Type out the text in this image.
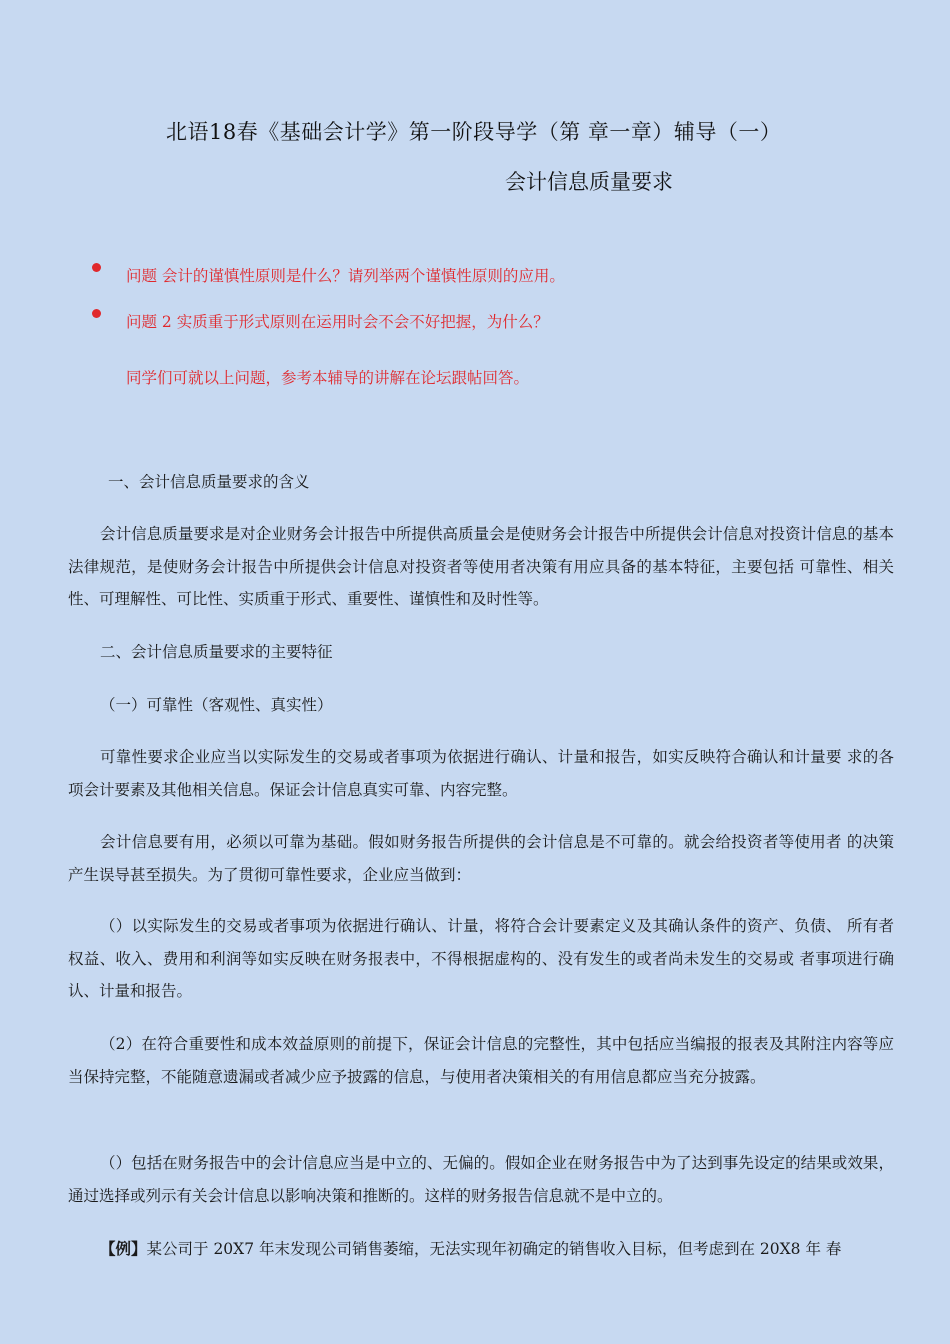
北语18春《基础会计学》第一阶段导学（第 章一章）辅导（一）
会计信息质量要求
问题 会计的谨慎性原则是什么？请列举两个谨慎性原则的应用。
问题 2 实质重于形式原则在运用时会不会不好把握，为什么？
同学们可就以上问题，参考本辅导的讲解在论坛跟帖回答。
一、会计信息质量要求的含义
会计信息质量要求是对企业财务会计报告中所提供高质量会是使财务会计报告中所提供会计信息对投资计信息的基本法律规范，是使财务会计报告中所提供会计信息对投资者等使用者决策有用应具备的基本特征，主要包括 可靠性、相关性、可理解性、可比性、实质重于形式、重要性、谨慎性和及时性等。
二、会计信息质量要求的主要特征
（一）可靠性（客观性、真实性）
可靠性要求企业应当以实际发生的交易或者事项为依据进行确认、计量和报告，如实反映符合确认和计量要 求的各项会计要素及其他相关信息。保证会计信息真实可靠、内容完整。
会计信息要有用，必须以可靠为基础。假如财务报告所提供的会计信息是不可靠的。就会给投资者等使用者 的决策产生误导甚至损失。为了贯彻可靠性要求，企业应当做到：
（）以实际发生的交易或者事项为依据进行确认、计量，将符合会计要素定义及其确认条件的资产、负债、 所有者权益、收入、费用和利润等如实反映在财务报表中，不得根据虚构的、没有发生的或者尚未发生的交易或 者事项进行确认、计量和报告。
（2）在符合重要性和成本效益原则的前提下，保证会计信息的完整性，其中包括应当编报的报表及其附注内容等应当保持完整，不能随意遗漏或者减少应予披露的信息，与使用者决策相关的有用信息都应当充分披露。
（）包括在财务报告中的会计信息应当是中立的、无偏的。假如企业在财务报告中为了达到事先设定的结果或效果，通过选择或列示有关会计信息以影响决策和推断的。这样的财务报告信息就不是中立的。
【例】某公司于 20X7 年末发现公司销售萎缩，无法实现年初确定的销售收入目标，但考虑到在 20X8 年 春
